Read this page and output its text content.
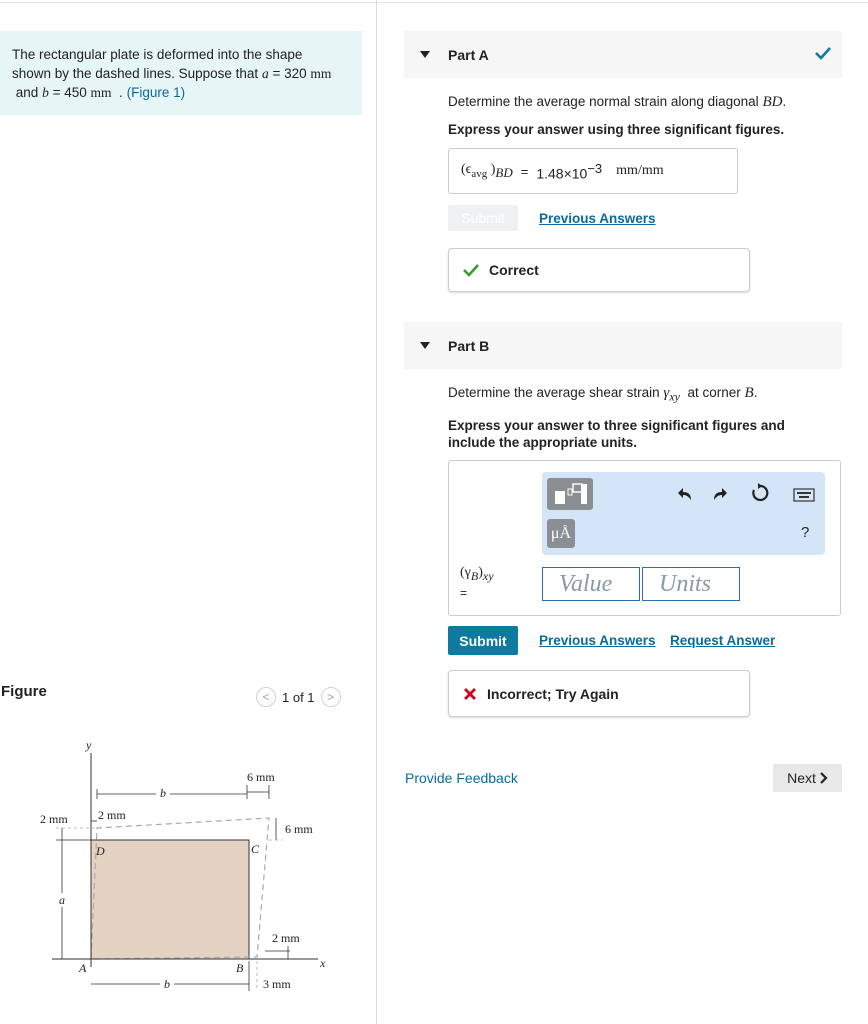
The rectangular plate is deformed into the shape
shown by the dashed lines. Suppose that a = 320 mm
and b = 450 mm . (Figure 1)
Figure	< 1 of 1	>
y
x
A	B
C
D
b
b
6 mm
6 mm
2 mm
a
2 mm
2 mm
3 mm
Part A
Determine the average normal strain along diagonal BD.
Express your answer using three significant figures.
($\epsilon_{avg}$ )$_{BD} = 1.48\times 10^{-3}$ mm/mm
Submit	Previous Answers
Correct
Part B
Determine the average shear strain $\gamma_{xy}$ at corner B.
Express your answer to three significant figures and
include the appropriate units.
μÅ	?
$(\gamma_B)_{xy}$
=	Value	Units
Submit	Previous Answers Request Answer
Incorrect; Try Again
Provide Feedback	Next
